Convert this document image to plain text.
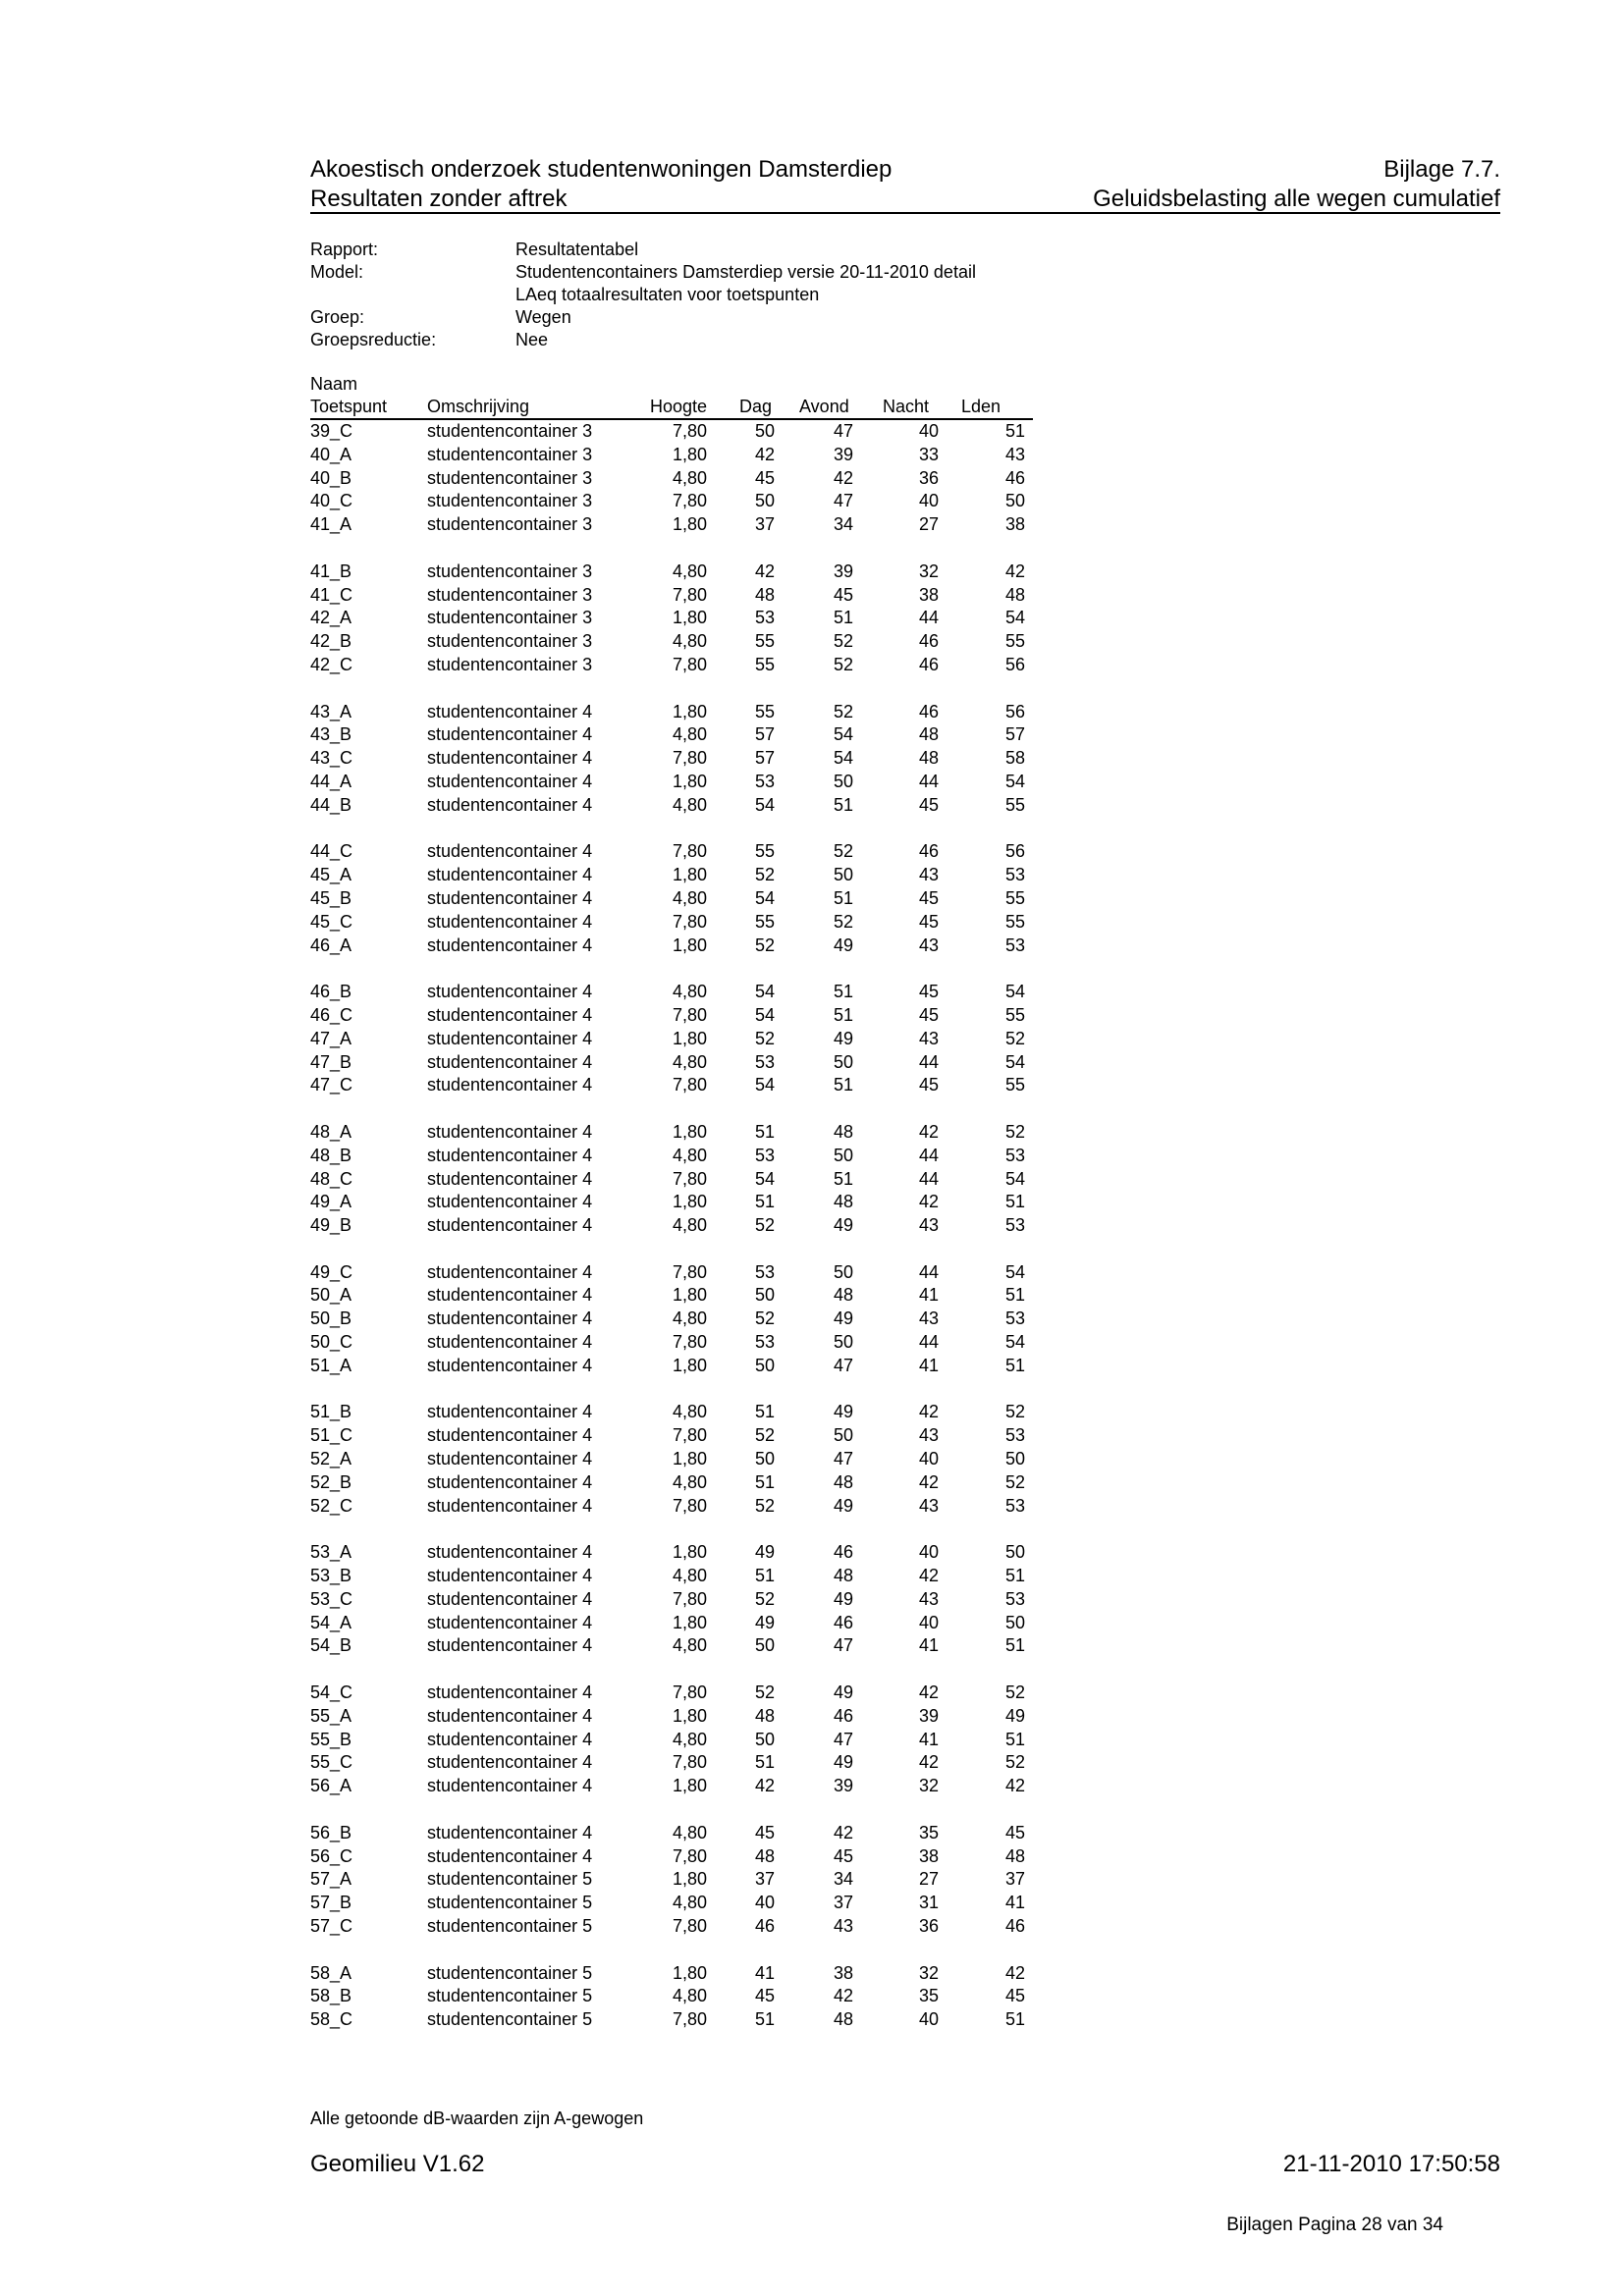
Akoestisch onderzoek studentenwoningen Damsterdiep	Bijlage 7.7.
Resultaten zonder aftrek	Geluidsbelasting alle wegen cumulatief
Rapport:	Resultatentabel
Model:	Studentencontainers Damsterdiep versie 20-11-2010 detail
LAeq totaalresultaten voor toetspunten
Groep:	Wegen
Groepsreductie:	Nee
Naam
Toetspunt Omschrijving	Hoogte Dag Avond Nacht Lden
39_C	studentencontainer 3	7,80	50	47	40	51
40_A	studentencontainer 3	1,80	42	39	33	43
40_B	studentencontainer 3	4,80	45	42	36	46
40_C	studentencontainer 3	7,80	50	47	40	50
41_A	studentencontainer 3	1,80	37	34	27	38
41_B	studentencontainer 3	4,80	42	39	32	42
41_C	studentencontainer 3	7,80	48	45	38	48
42_A	studentencontainer 3	1,80	53	51	44	54
42_B	studentencontainer 3	4,80	55	52	46	55
42_C	studentencontainer 3	7,80	55	52	46	56
43_A	studentencontainer 4	1,80	55	52	46	56
43_B	studentencontainer 4	4,80	57	54	48	57
43_C	studentencontainer 4	7,80	57	54	48	58
44_A	studentencontainer 4	1,80	53	50	44	54
44_B	studentencontainer 4	4,80	54	51	45	55
44_C	studentencontainer 4	7,80	55	52	46	56
45_A	studentencontainer 4	1,80	52	50	43	53
45_B	studentencontainer 4	4,80	54	51	45	55
45_C	studentencontainer 4	7,80	55	52	45	55
46_A	studentencontainer 4	1,80	52	49	43	53
46_B	studentencontainer 4	4,80	54	51	45	54
46_C	studentencontainer 4	7,80	54	51	45	55
47_A	studentencontainer 4	1,80	52	49	43	52
47_B	studentencontainer 4	4,80	53	50	44	54
47_C	studentencontainer 4	7,80	54	51	45	55
48_A	studentencontainer 4	1,80	51	48	42	52
48_B	studentencontainer 4	4,80	53	50	44	53
48_C	studentencontainer 4	7,80	54	51	44	54
49_A	studentencontainer 4	1,80	51	48	42	51
49_B	studentencontainer 4	4,80	52	49	43	53
49_C	studentencontainer 4	7,80	53	50	44	54
50_A	studentencontainer 4	1,80	50	48	41	51
50_B	studentencontainer 4	4,80	52	49	43	53
50_C	studentencontainer 4	7,80	53	50	44	54
51_A	studentencontainer 4	1,80	50	47	41	51
51_B	studentencontainer 4	4,80	51	49	42	52
51_C	studentencontainer 4	7,80	52	50	43	53
52_A	studentencontainer 4	1,80	50	47	40	50
52_B	studentencontainer 4	4,80	51	48	42	52
52_C	studentencontainer 4	7,80	52	49	43	53
53_A	studentencontainer 4	1,80	49	46	40	50
53_B	studentencontainer 4	4,80	51	48	42	51
53_C	studentencontainer 4	7,80	52	49	43	53
54_A	studentencontainer 4	1,80	49	46	40	50
54_B	studentencontainer 4	4,80	50	47	41	51
54_C	studentencontainer 4	7,80	52	49	42	52
55_A	studentencontainer 4	1,80	48	46	39	49
55_B	studentencontainer 4	4,80	50	47	41	51
55_C	studentencontainer 4	7,80	51	49	42	52
56_A	studentencontainer 4	1,80	42	39	32	42
56_B	studentencontainer 4	4,80	45	42	35	45
56_C	studentencontainer 4	7,80	48	45	38	48
57_A	studentencontainer 5	1,80	37	34	27	37
57_B	studentencontainer 5	4,80	40	37	31	41
57_C	studentencontainer 5	7,80	46	43	36	46
58_A	studentencontainer 5	1,80	41	38	32	42
58_B	studentencontainer 5	4,80	45	42	35	45
58_C	studentencontainer 5	7,80	51	48	40	51
Alle getoonde dB-waarden zijn A-gewogen
Geomilieu V1.62	21-11-2010 17:50:58
Bijlagen Pagina 28 van 34
